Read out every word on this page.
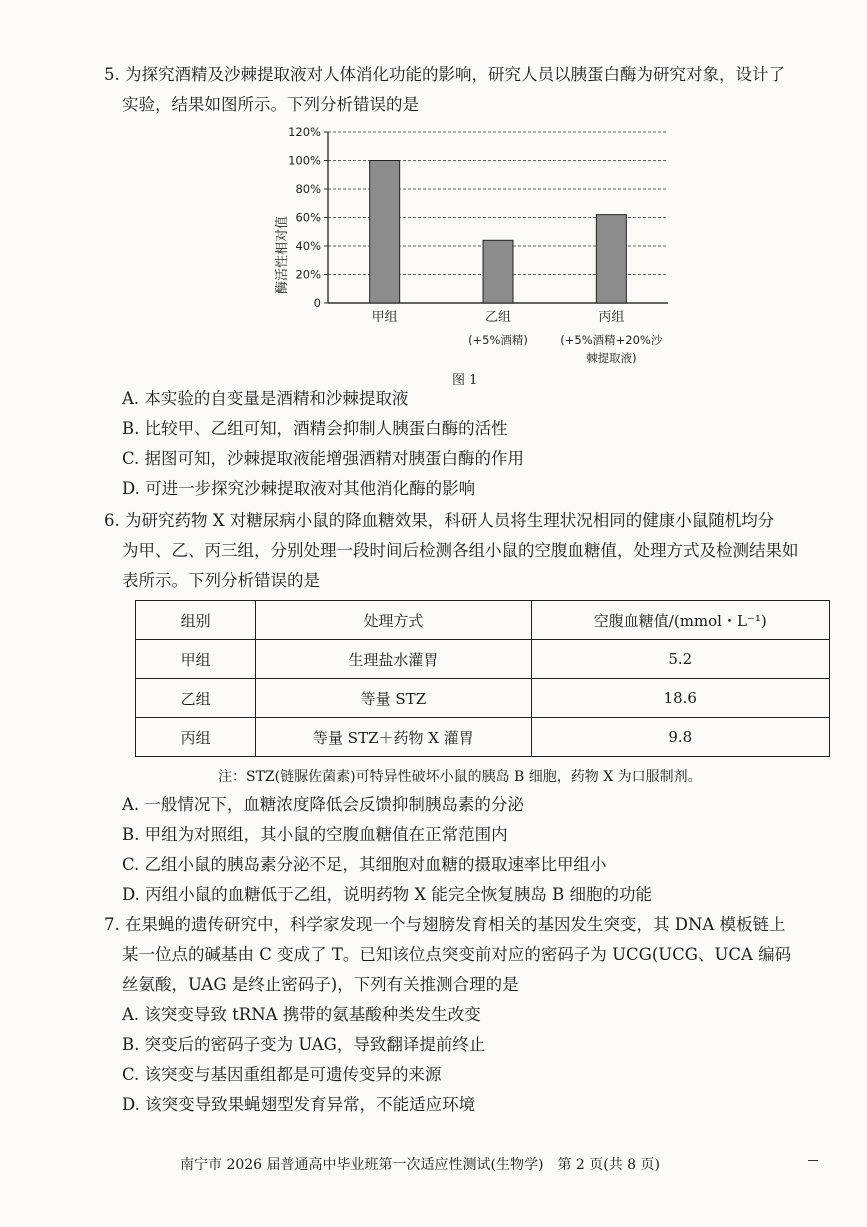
5. 为探究酒精及沙棘提取液对人体消化功能的影响，研究人员以胰蛋白酶为研究对象，设计了
实验，结果如图所示。下列分析错误的是
0
20%
40%
60%
80%
100%
120%
甲组	乙组
(+5%酒精)
丙组
(+5%酒精+20%沙
棘提取液)
酶活性相对值
图 1
A. 本实验的自变量是酒精和沙棘提取液
B. 比较甲、乙组可知，酒精会抑制人胰蛋白酶的活性
C. 据图可知，沙棘提取液能增强酒精对胰蛋白酶的作用
D. 可进一步探究沙棘提取液对其他消化酶的影响
6. 为研究药物 X 对糖尿病小鼠的降血糖效果，科研人员将生理状况相同的健康小鼠随机均分
为甲、乙、丙三组，分别处理一段时间后检测各组小鼠的空腹血糖值，处理方式及检测结果如
表所示。下列分析错误的是
组别	处理方式	空腹血糖值/(mmol・L⁻¹)
甲组	生理盐水灌胃	5.2
乙组	等量 STZ	18.6
丙组	等量 STZ＋药物 X 灌胃	9.8
注：STZ(链脲佐菌素)可特异性破坏小鼠的胰岛 B 细胞，药物 X 为口服制剂。
A. 一般情况下，血糖浓度降低会反馈抑制胰岛素的分泌
B. 甲组为对照组，其小鼠的空腹血糖值在正常范围内
C. 乙组小鼠的胰岛素分泌不足，其细胞对血糖的摄取速率比甲组小
D. 丙组小鼠的血糖低于乙组，说明药物 X 能完全恢复胰岛 B 细胞的功能
7. 在果蝇的遗传研究中，科学家发现一个与翅膀发育相关的基因发生突变，其 DNA 模板链上
某一位点的碱基由 C 变成了 T。已知该位点突变前对应的密码子为 UCG(UCG、UCA 编码
丝氨酸，UAG 是终止密码子)，下列有关推测合理的是
A. 该突变导致 tRNA 携带的氨基酸种类发生改变
B. 突变后的密码子变为 UAG，导致翻译提前终止
C. 该突变与基因重组都是可遗传变异的来源
D. 该突变导致果蝇翅型发育异常，不能适应环境
南宁市 2026 届普通高中毕业班第一次适应性测试(生物学)　第 2 页(共 8 页)
